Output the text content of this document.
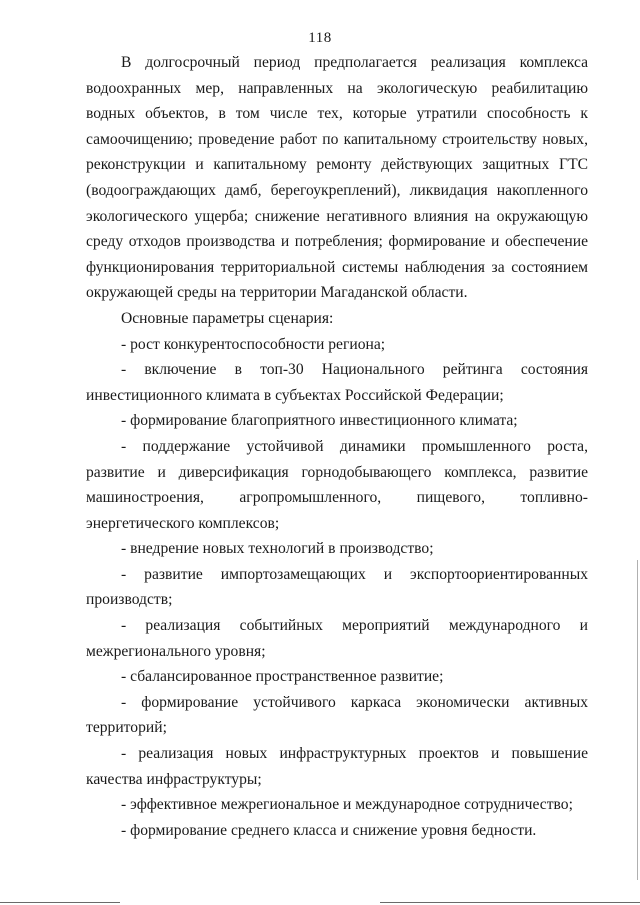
118

В долгосрочный период предполагается реализация комплекса водоохранных мер, направленных на экологическую реабилитацию водных объектов, в том числе тех, которые утратили способность к самоочищению; проведение работ по капитальному строительству новых, реконструкции и капитальному ремонту действующих защитных ГТС (водоограждающих дамб, берегоукреплений), ликвидация накопленного экологического ущерба; снижение негативного влияния на окружающую среду отходов производства и потребления; формирование и обеспечение функционирования территориальной системы наблюдения за состоянием окружающей среды на территории Магаданской области.

Основные параметры сценария:

- рост конкурентоспособности региона;

- включение в топ-30 Национального рейтинга состояния инвестиционного климата в субъектах Российской Федерации;

- формирование благоприятного инвестиционного климата;

- поддержание устойчивой динамики промышленного роста, развитие и диверсификация горнодобывающего комплекса, развитие машиностроения, агропромышленного, пищевого, топливно-энергетического комплексов;

- внедрение новых технологий в производство;

- развитие импортозамещающих и экспортоориентированных производств;

- реализация событийных мероприятий международного и межрегионального уровня;

- сбалансированное пространственное развитие;

- формирование устойчивого каркаса экономически активных территорий;

- реализация новых инфраструктурных проектов и повышение качества инфраструктуры;

- эффективное межрегиональное и международное сотрудничество;

- формирование среднего класса и снижение уровня бедности.
